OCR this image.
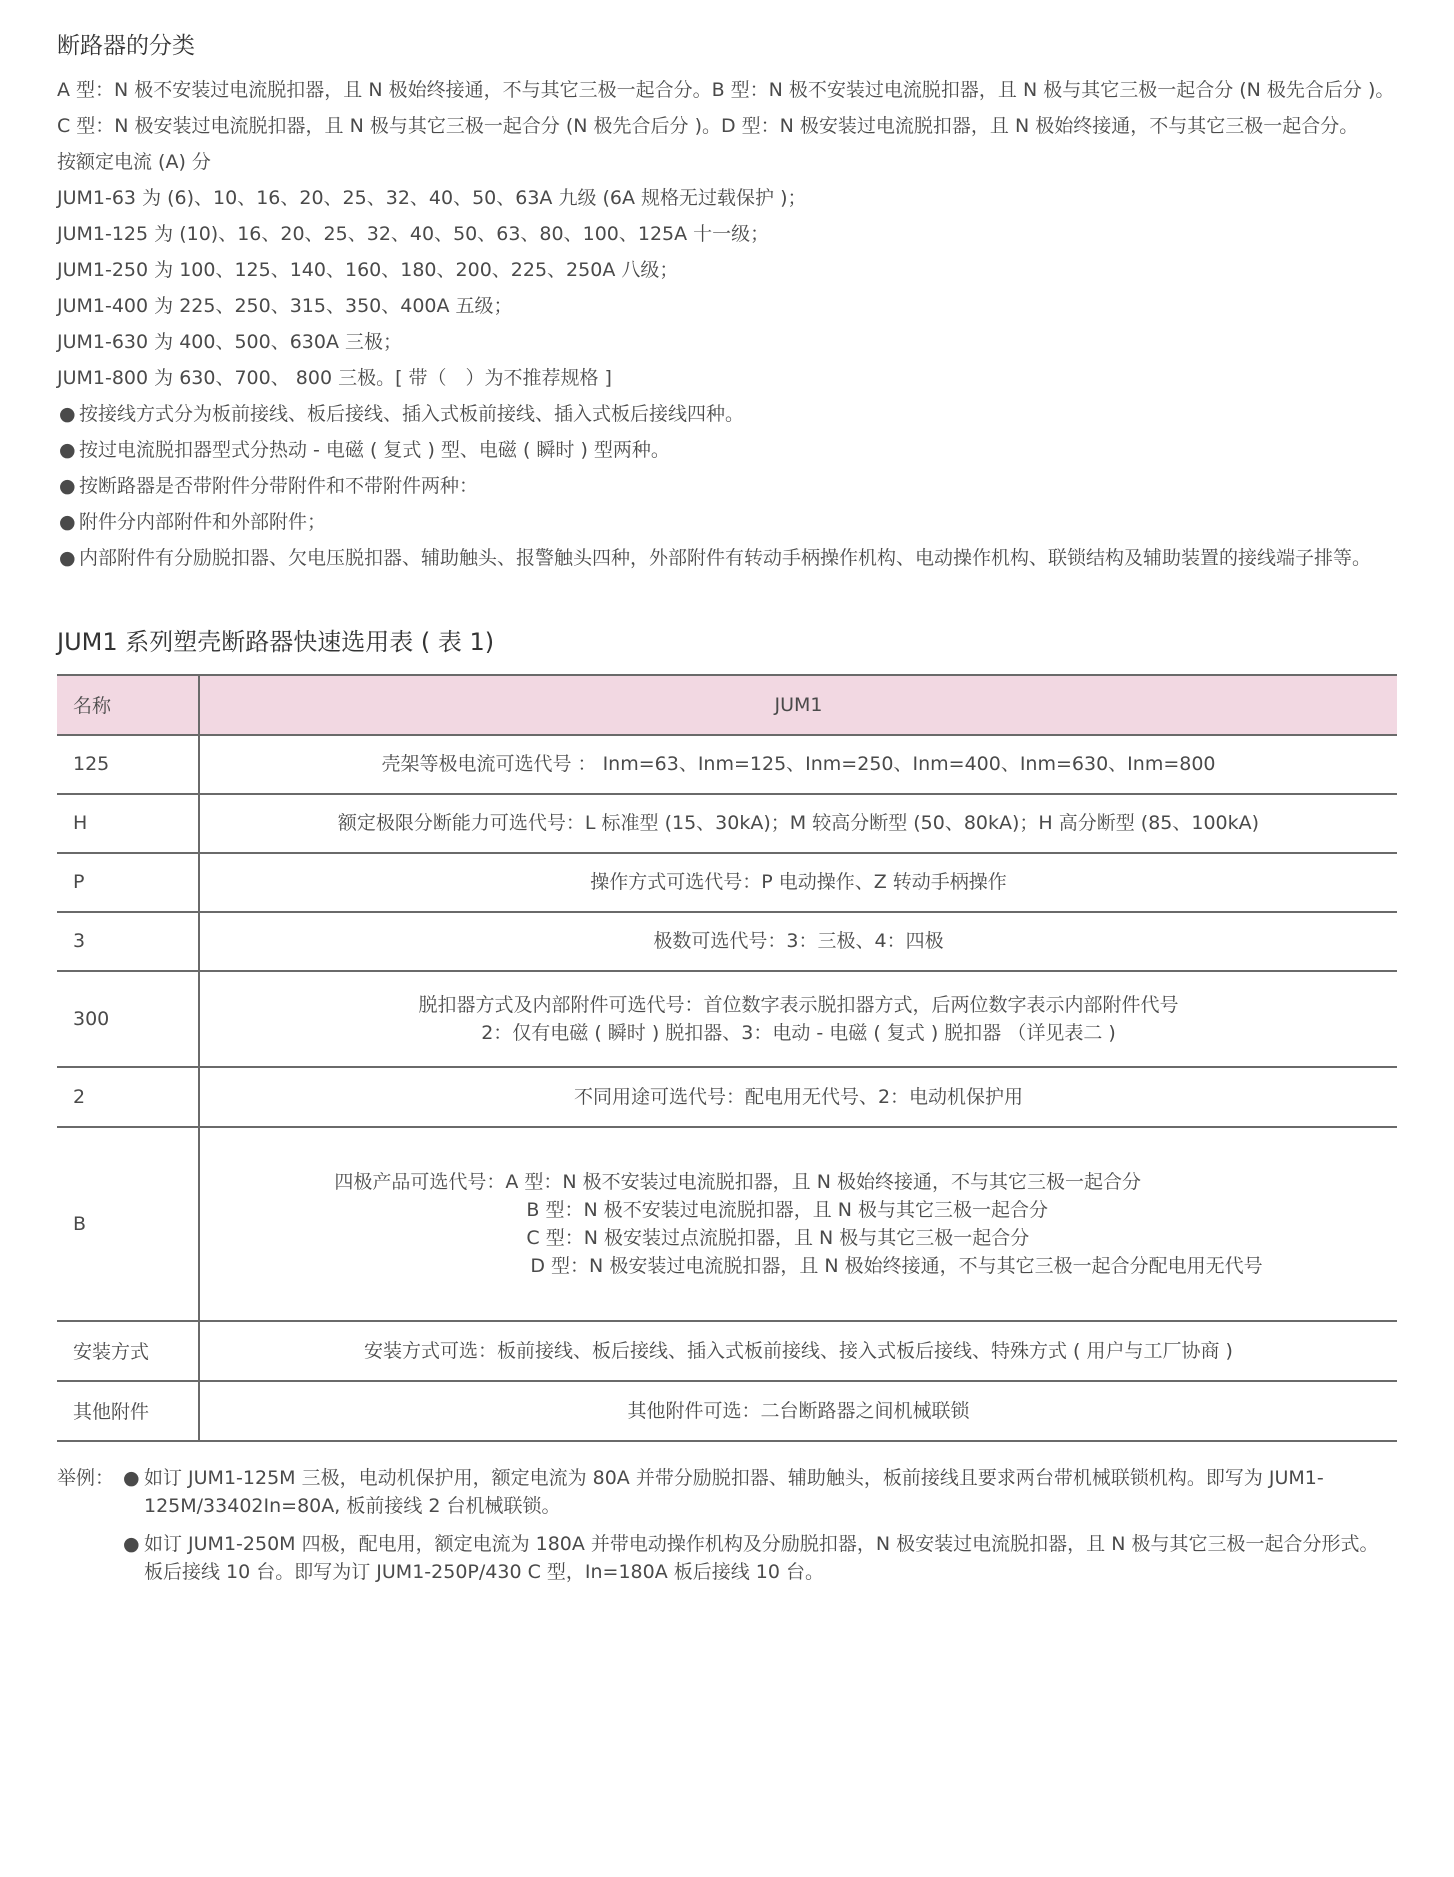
断路器的分类
A 型：N 极不安装过电流脱扣器，且 N 极始终接通，不与其它三极一起合分。B 型：N 极不安装过电流脱扣器，且 N 极与其它三极一起合分 (N 极先合后分 )。
C 型：N 极安装过电流脱扣器，且 N 极与其它三极一起合分 (N 极先合后分 )。D 型：N 极安装过电流脱扣器，且 N 极始终接通，不与其它三极一起合分。
按额定电流 (A) 分
JUM1-63 为 (6)、10、16、20、25、32、40、50、63A 九级 (6A 规格无过载保护 )；
JUM1-125 为 (10)、16、20、25、32、40、50、63、80、100、125A 十一级；
JUM1-250 为 100、125、140、160、180、200、225、250A 八级；
JUM1-400 为 225、250、315、350、400A 五级；
JUM1-630 为 400、500、630A 三极；
JUM1-800 为 630、700、 800 三极。[ 带（　）为不推荐规格 ]
● 按接线方式分为板前接线、板后接线、插入式板前接线、插入式板后接线四种。
● 按过电流脱扣器型式分热动 - 电磁 ( 复式 ) 型、电磁 ( 瞬时 ) 型两种。
● 按断路器是否带附件分带附件和不带附件两种：
● 附件分内部附件和外部附件；
● 内部附件有分励脱扣器、欠电压脱扣器、辅助触头、报警触头四种，外部附件有转动手柄操作机构、电动操作机构、联锁结构及辅助装置的接线端子排等。
JUM1 系列塑壳断路器快速选用表 ( 表 1)
名称	JUM1
125	壳架等极电流可选代号 ： Inm=63、Inm=125、Inm=250、Inm=400、Inm=630、Inm=800

H	额定极限分断能力可选代号：L 标准型 (15、30kA)；M 较高分断型 (50、80kA)；H 高分断型 (85、100kA)

P	操作方式可选代号：P 电动操作、Z 转动手柄操作

3	极数可选代号：3：三极、4：四极

300	脱扣器方式及内部附件可选代号：首位数字表示脱扣器方式，后两位数字表示内部附件代号
2：仅有电磁 ( 瞬时 ) 脱扣器、3：电动 - 电磁 ( 复式 ) 脱扣器 （详见表二 )

2	不同用途可选代号：配电用无代号、2：电动机保护用

B	四极产品可选代号：A 型：N 极不安装过电流脱扣器，且 N 极始终接通，不与其它三极一起合分
B 型：N 极不安装过电流脱扣器，且 N 极与其它三极一起合分
C 型：N 极安装过点流脱扣器，且 N 极与其它三极一起合分
D 型：N 极安装过电流脱扣器，且 N 极始终接通，不与其它三极一起合分配电用无代号

安装方式	安装方式可选：板前接线、板后接线、插入式板前接线、接入式板后接线、特殊方式 ( 用户与工厂协商 )

其他附件	其他附件可选：二台断路器之间机械联锁
举例： ● 如订 JUM1-125M 三极，电动机保护用，额定电流为 80A 并带分励脱扣器、辅助触头，板前接线且要求两台带机械联锁机构。即写为 JUM1-125M/33402In=80A, 板前接线 2 台机械联锁。
● 如订 JUM1-250M 四极，配电用，额定电流为 180A 并带电动操作机构及分励脱扣器，N 极安装过电流脱扣器，且 N 极与其它三极一起合分形式。板后接线 10 台。即写为订 JUM1-250P/430 C 型，In=180A 板后接线 10 台。
